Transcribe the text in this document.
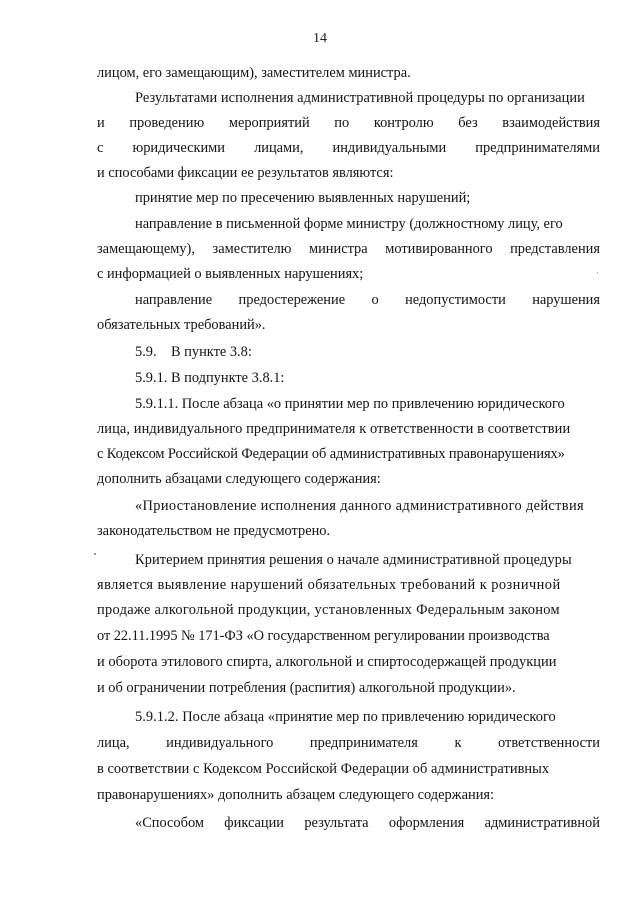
14
лицом, его замещающим), заместителем министра.
Результатами исполнения административной процедуры по организации
и проведению мероприятий по контролю без взаимодействия
с юридическими лицами, индивидуальными предпринимателями
и способами фиксации ее результатов являются:
принятие мер по пресечению выявленных нарушений;
направление в письменной форме министру (должностному лицу, его
замещающему), заместителю министра мотивированного представления
с информацией о выявленных нарушениях;
направление предостережение о недопустимости нарушения
обязательных требований».
5.9.    В пункте 3.8:
5.9.1. В подпункте 3.8.1:
5.9.1.1. После абзаца «о принятии мер по привлечению юридического
лица, индивидуального предпринимателя к ответственности в соответствии
с Кодексом Российской Федерации об административных правонарушениях»
дополнить абзацами следующего содержания:
«Приостановление исполнения данного административного действия
законодательством не предусмотрено.
Критерием принятия решения о начале административной процедуры
является выявление нарушений обязательных требований к розничной
продаже алкогольной продукции, установленных Федеральным законом
от 22.11.1995 № 171-ФЗ «О государственном регулировании производства
и оборота этилового спирта, алкогольной и спиртосодержащей продукции
и об ограничении потребления (распития) алкогольной продукции».
5.9.1.2. После абзаца «принятие мер по привлечению юридического
лица,	индивидуального	предпринимателя	к	ответственности
в соответствии с Кодексом Российской Федерации об административных
правонарушениях» дополнить абзацем следующего содержания:
«Способом фиксации результата оформления административной
